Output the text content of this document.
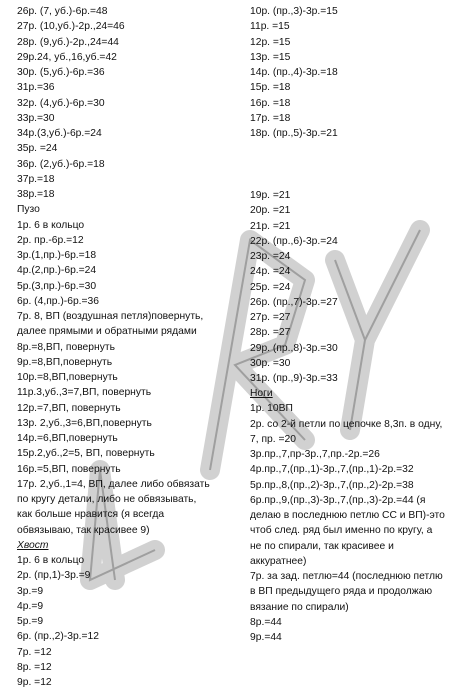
26р. (7, уб.)-6р.=48
27р. (10,уб.)-2р.,24=46
28р. (9,уб.)-2р.,24=44
29р.24, уб.,16,уб.=42
30р. (5,уб.)-6р.=36
31р.=36
32р. (4,уб.)-6р.=30
33р.=30
34р.(3,уб.)-6р.=24
35р. =24
36р. (2,уб.)-6р.=18
37р.=18
38р.=18
Пузо
1р. 6 в кольцо
2р. пр.-6р.=12
3р.(1,пр.)-6р.=18
4р.(2,пр.)-6р.=24
5р.(3,пр.)-6р.=30
6р. (4,пр.)-6р.=36
7р. 8, ВП (воздушная петля)повернуть,
далее прямыми и обратными рядами
8р.=8,ВП, повернуть
9р.=8,ВП,повернуть
10р.=8,ВП,повернуть
11р.3,уб.,3=7,ВП, повернуть
12р.=7,ВП, повернуть
13р. 2,уб.,3=6,ВП,повернуть
14р.=6,ВП,повернуть
15р.2,уб.,2=5, ВП, повернуть
16р.=5,ВП, повернуть
17р. 2,уб.,1=4, ВП, далее либо обвязать
по кругу детали, либо не обвязывать,
как больше нравится (я всегда
обвязываю, так красивее 9)
Хвост
1р. 6 в кольцо
2р. (пр,1)-3р.=9
3р.=9
4р.=9
5р.=9
6р. (пр.,2)-3р.=12
7р. =12
8р. =12
9р. =12
10р. (пр.,3)-3р.=15
11р. =15
12р. =15
13р. =15
14р. (пр.,4)-3р.=18
15р. =18
16р. =18
17р. =18
18р. (пр.,5)-3р.=21
19р. =21
20р. =21
21р. =21
22р. (пр.,6)-3р.=24
23р. =24
24р. =24
25р. =24
26р. (пр.,7)-3р.=27
27р. =27
28р. =27
29р. (пр.,8)-3р.=30
30р. =30
31р. (пр.,9)-3р.=33
Ноги
1р. 10ВП
2р. со 2-й петли по цепочке 8,3п. в одну,
7, пр. =20
3р.пр.,7,пр-3р.,7,пр.-2р.=26
4р.пр.,7,(пр.,1)-3р.,7,(пр.,1)-2р.=32
5р.пр.,8,(пр.,2)-3р.,7,(пр.,2)-2р.=38
6р.пр.,9,(пр.,3)-3р.,7,(пр.,3)-2р.=44 (я
делаю в последнюю петлю СС и ВП)-это
чтоб след. ряд был именно по кругу, а
не по спирали, так красивее и
аккуратнее)
7р. за зад. петлю=44 (последнюю петлю
в ВП предыдущего ряда и продолжаю
вязание по спирали)
8р.=44
9р.=44
